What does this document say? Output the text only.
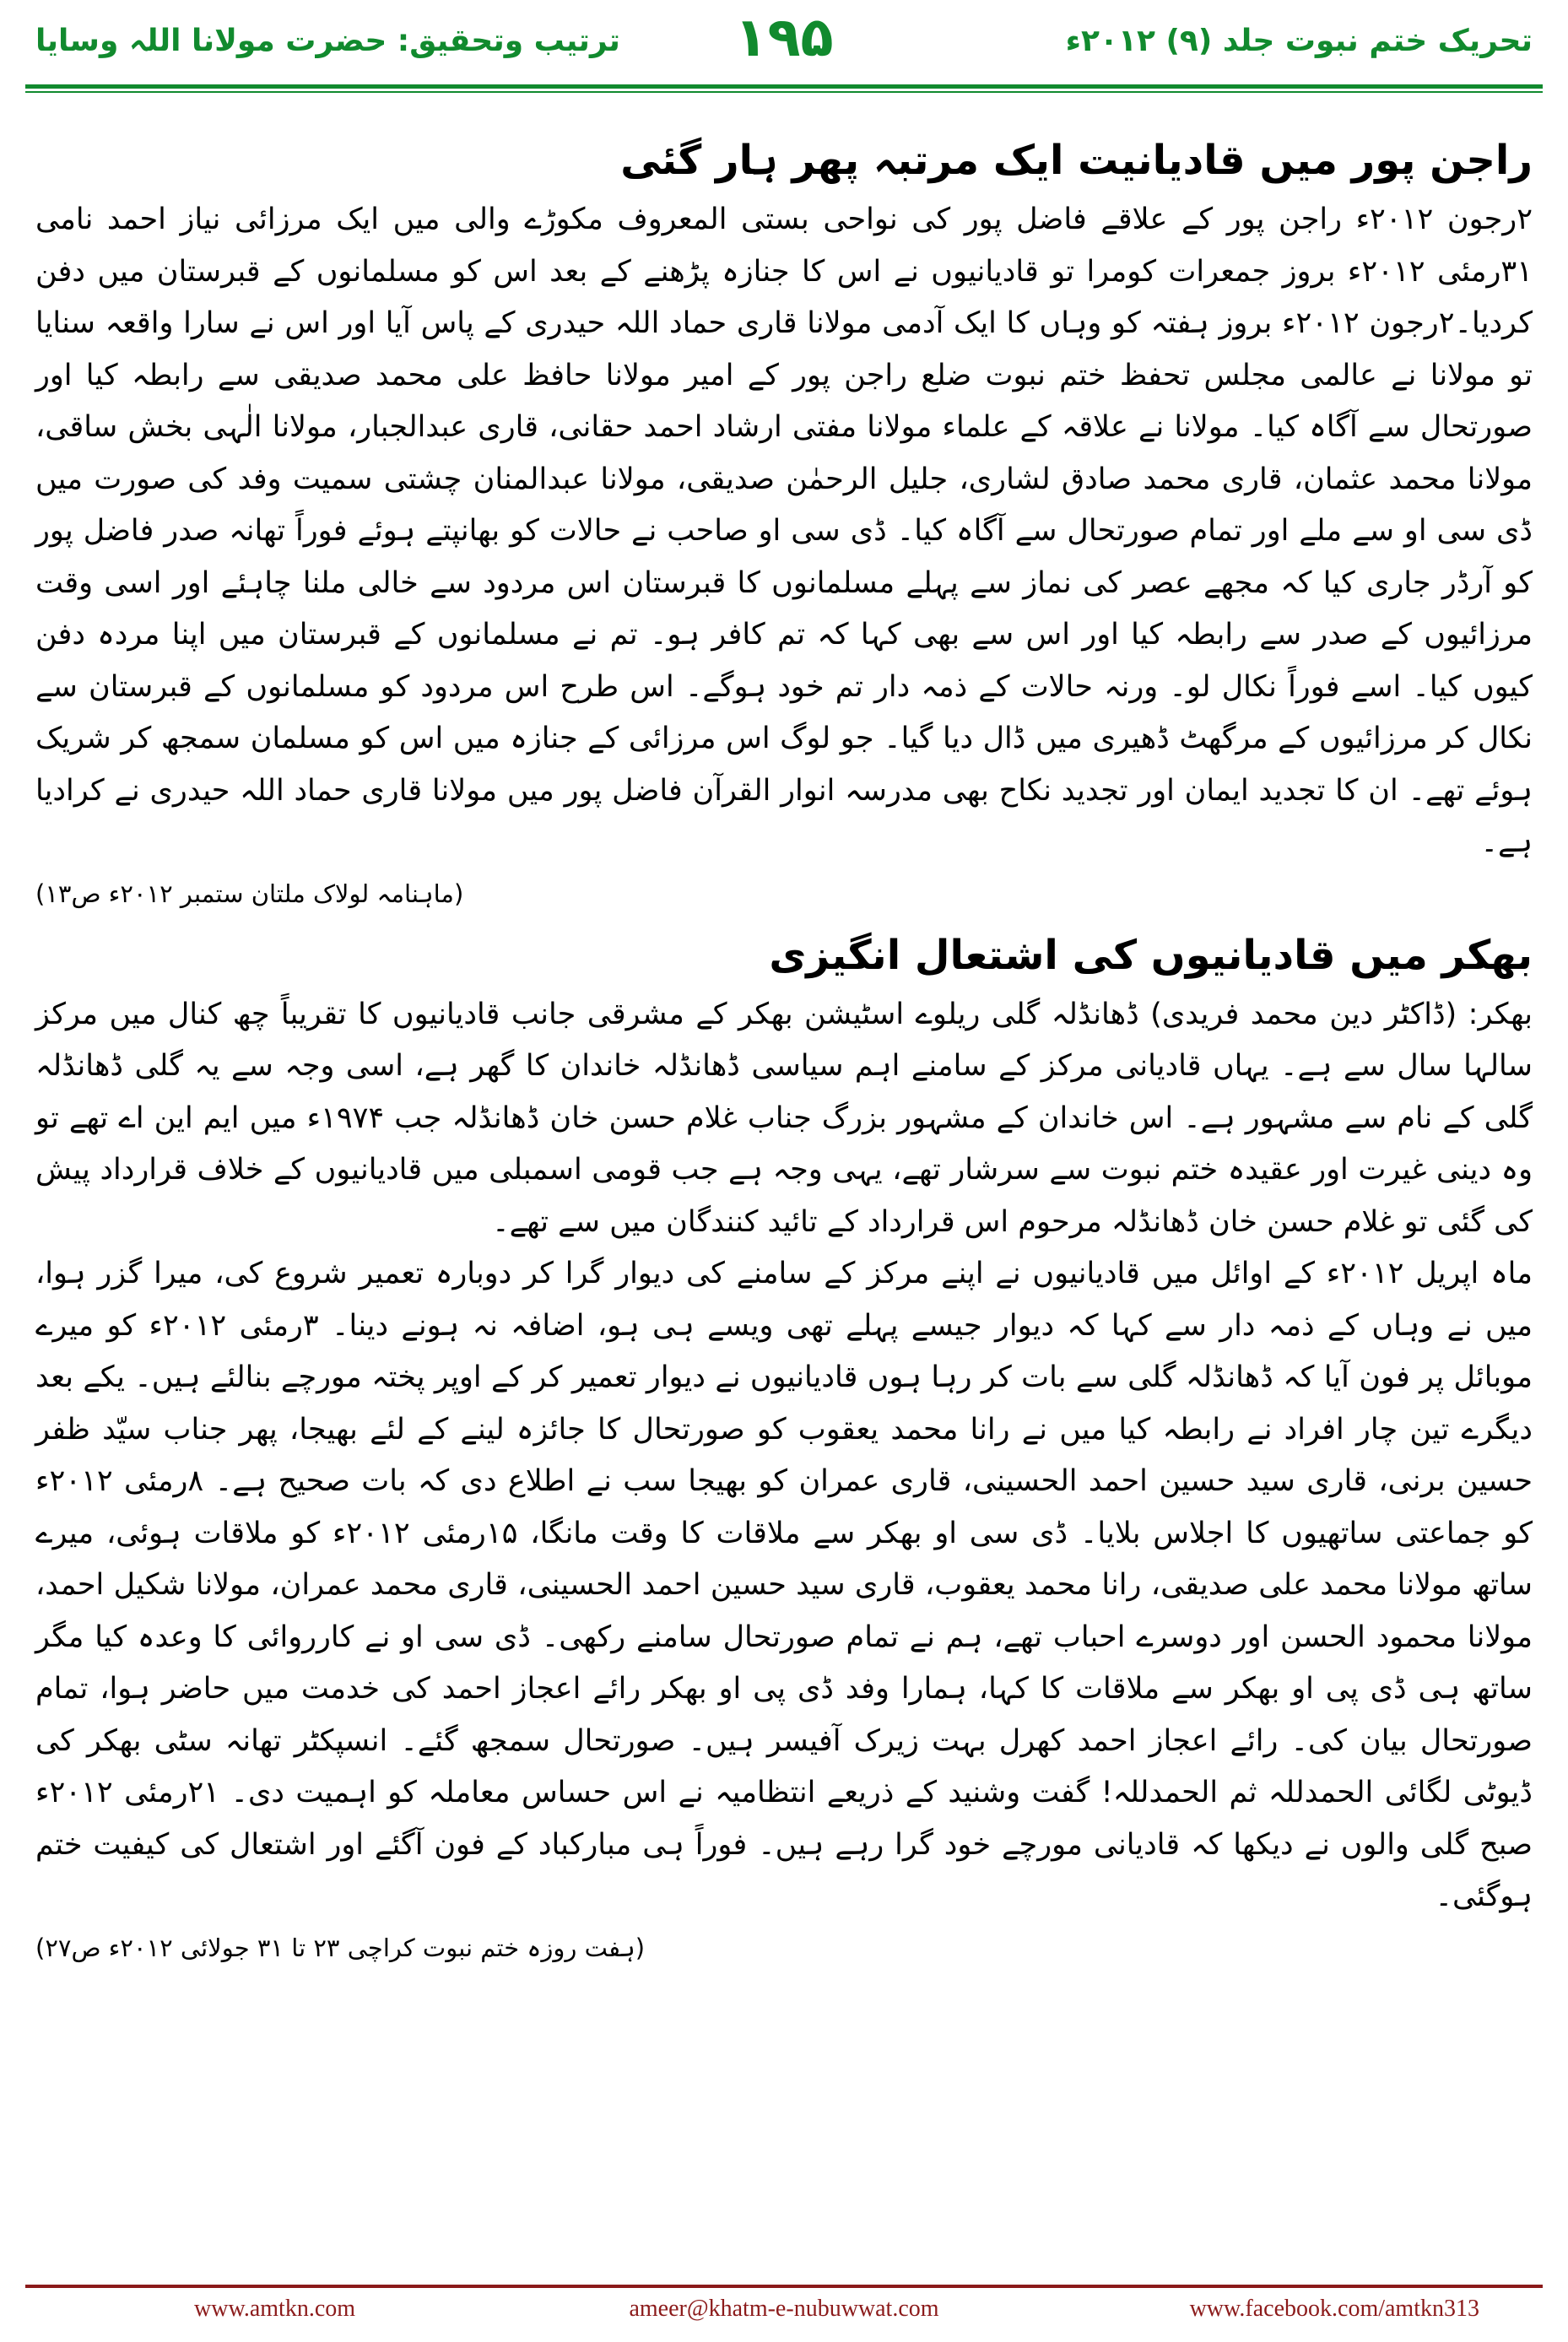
ترتیب وتحقیق: حضرت مولانا اللہ وسایا	۱۹۵	تحریک ختم نبوت جلد (۹) ۲۰۱۲ء
راجن پور میں قادیانیت ایک مرتبہ پھر ہار گئی

۲رجون ۲۰۱۲ء راجن پور کے علاقے فاضل پور کی نواحی بستی المعروف مکوڑے والی میں ایک مرزائی نیاز احمد نامی ۳۱رمئی ۲۰۱۲ء بروز جمعرات کومرا تو قادیانیوں نے اس کا جنازہ پڑھنے کے بعد اس کو مسلمانوں کے قبرستان میں دفن کردیا۔۲رجون ۲۰۱۲ء بروز ہفتہ کو وہاں کا ایک آدمی مولانا قاری حماد اللہ حیدری کے پاس آیا اور اس نے سارا واقعہ سنایا تو مولانا نے عالمی مجلس تحفظ ختم نبوت ضلع راجن پور کے امیر مولانا حافظ علی محمد صدیقی سے رابطہ کیا اور صورتحال سے آگاہ کیا۔ مولانا نے علاقہ کے علماء مولانا مفتی ارشاد احمد حقانی، قاری عبدالجبار، مولانا الٰہی بخش ساقی، مولانا محمد عثمان، قاری محمد صادق لشاری، جلیل الرحمٰن صدیقی، مولانا عبدالمنان چشتی سمیت وفد کی صورت میں ڈی سی او سے ملے اور تمام صورتحال سے آگاہ کیا۔ ڈی سی او صاحب نے حالات کو بھانپتے ہوئے فوراً تھانہ صدر فاضل پور کو آرڈر جاری کیا کہ مجھے عصر کی نماز سے پہلے مسلمانوں کا قبرستان اس مردود سے خالی ملنا چاہئے اور اسی وقت مرزائیوں کے صدر سے رابطہ کیا اور اس سے بھی کہا کہ تم کافر ہو۔ تم نے مسلمانوں کے قبرستان میں اپنا مردہ دفن کیوں کیا۔ اسے فوراً نکال لو۔ ورنہ حالات کے ذمہ دار تم خود ہوگے۔ اس طرح اس مردود کو مسلمانوں کے قبرستان سے نکال کر مرزائیوں کے مرگھٹ ڈھیری میں ڈال دیا گیا۔ جو لوگ اس مرزائی کے جنازہ میں اس کو مسلمان سمجھ کر شریک ہوئے تھے۔ ان کا تجدید ایمان اور تجدید نکاح بھی مدرسہ انوار القرآن فاضل پور میں مولانا قاری حماد اللہ حیدری نے کرادیا ہے۔

(ماہنامہ لولاک ملتان ستمبر ۲۰۱۲ء ص۱۳)
بھکر میں قادیانیوں کی اشتعال انگیزی

بھکر: (ڈاکٹر دین محمد فریدی) ڈھانڈلہ گلی ریلوے اسٹیشن بھکر کے مشرقی جانب قادیانیوں کا تقریباً چھ کنال میں مرکز سالہا سال سے ہے۔ یہاں قادیانی مرکز کے سامنے اہم سیاسی ڈھانڈلہ خاندان کا گھر ہے، اسی وجہ سے یہ گلی ڈھانڈلہ گلی کے نام سے مشہور ہے۔ اس خاندان کے مشہور بزرگ جناب غلام حسن خان ڈھانڈلہ جب ۱۹۷۴ء میں ایم این اے تھے تو وہ دینی غیرت اور عقیدہ ختم نبوت سے سرشار تھے، یہی وجہ ہے جب قومی اسمبلی میں قادیانیوں کے خلاف قرارداد پیش کی گئی تو غلام حسن خان ڈھانڈلہ مرحوم اس قرارداد کے تائید کنندگان میں سے تھے۔

ماہ اپریل ۲۰۱۲ء کے اوائل میں قادیانیوں نے اپنے مرکز کے سامنے کی دیوار گرا کر دوبارہ تعمیر شروع کی، میرا گزر ہوا، میں نے وہاں کے ذمہ دار سے کہا کہ دیوار جیسے پہلے تھی ویسے ہی ہو، اضافہ نہ ہونے دینا۔ ۳رمئی ۲۰۱۲ء کو میرے موبائل پر فون آیا کہ ڈھانڈلہ گلی سے بات کر رہا ہوں قادیانیوں نے دیوار تعمیر کر کے اوپر پختہ مورچے بنالئے ہیں۔ یکے بعد دیگرے تین چار افراد نے رابطہ کیا میں نے رانا محمد یعقوب کو صورتحال کا جائزہ لینے کے لئے بھیجا، پھر جناب سیّد ظفر حسین برنی، قاری سید حسین احمد الحسینی، قاری عمران کو بھیجا سب نے اطلاع دی کہ بات صحیح ہے۔ ۸رمئی ۲۰۱۲ء کو جماعتی ساتھیوں کا اجلاس بلایا۔ ڈی سی او بھکر سے ملاقات کا وقت مانگا، ۱۵رمئی ۲۰۱۲ء کو ملاقات ہوئی، میرے ساتھ مولانا محمد علی صدیقی، رانا محمد یعقوب، قاری سید حسین احمد الحسینی، قاری محمد عمران، مولانا شکیل احمد، مولانا محمود الحسن اور دوسرے احباب تھے، ہم نے تمام صورتحال سامنے رکھی۔ ڈی سی او نے کارروائی کا وعدہ کیا مگر ساتھ ہی ڈی پی او بھکر سے ملاقات کا کہا، ہمارا وفد ڈی پی او بھکر رائے اعجاز احمد کی خدمت میں حاضر ہوا، تمام صورتحال بیان کی۔ رائے اعجاز احمد کھرل بہت زیرک آفیسر ہیں۔ صورتحال سمجھ گئے۔ انسپکٹر تھانہ سٹی بھکر کی ڈیوٹی لگائی الحمدللہ ثم الحمدللہ! گفت وشنید کے ذریعے انتظامیہ نے اس حساس معاملہ کو اہمیت دی۔ ۲۱رمئی ۲۰۱۲ء صبح گلی والوں نے دیکھا کہ قادیانی مورچے خود گرا رہے ہیں۔ فوراً ہی مبارکباد کے فون آگئے اور اشتعال کی کیفیت ختم ہوگئی۔

(ہفت روزہ ختم نبوت کراچی ۲۳ تا ۳۱ جولائی ۲۰۱۲ء ص۲۷)
ameer@khatm-e-nubuwwat.com
www.amtkn.com	www.facebook.com/amtkn313
